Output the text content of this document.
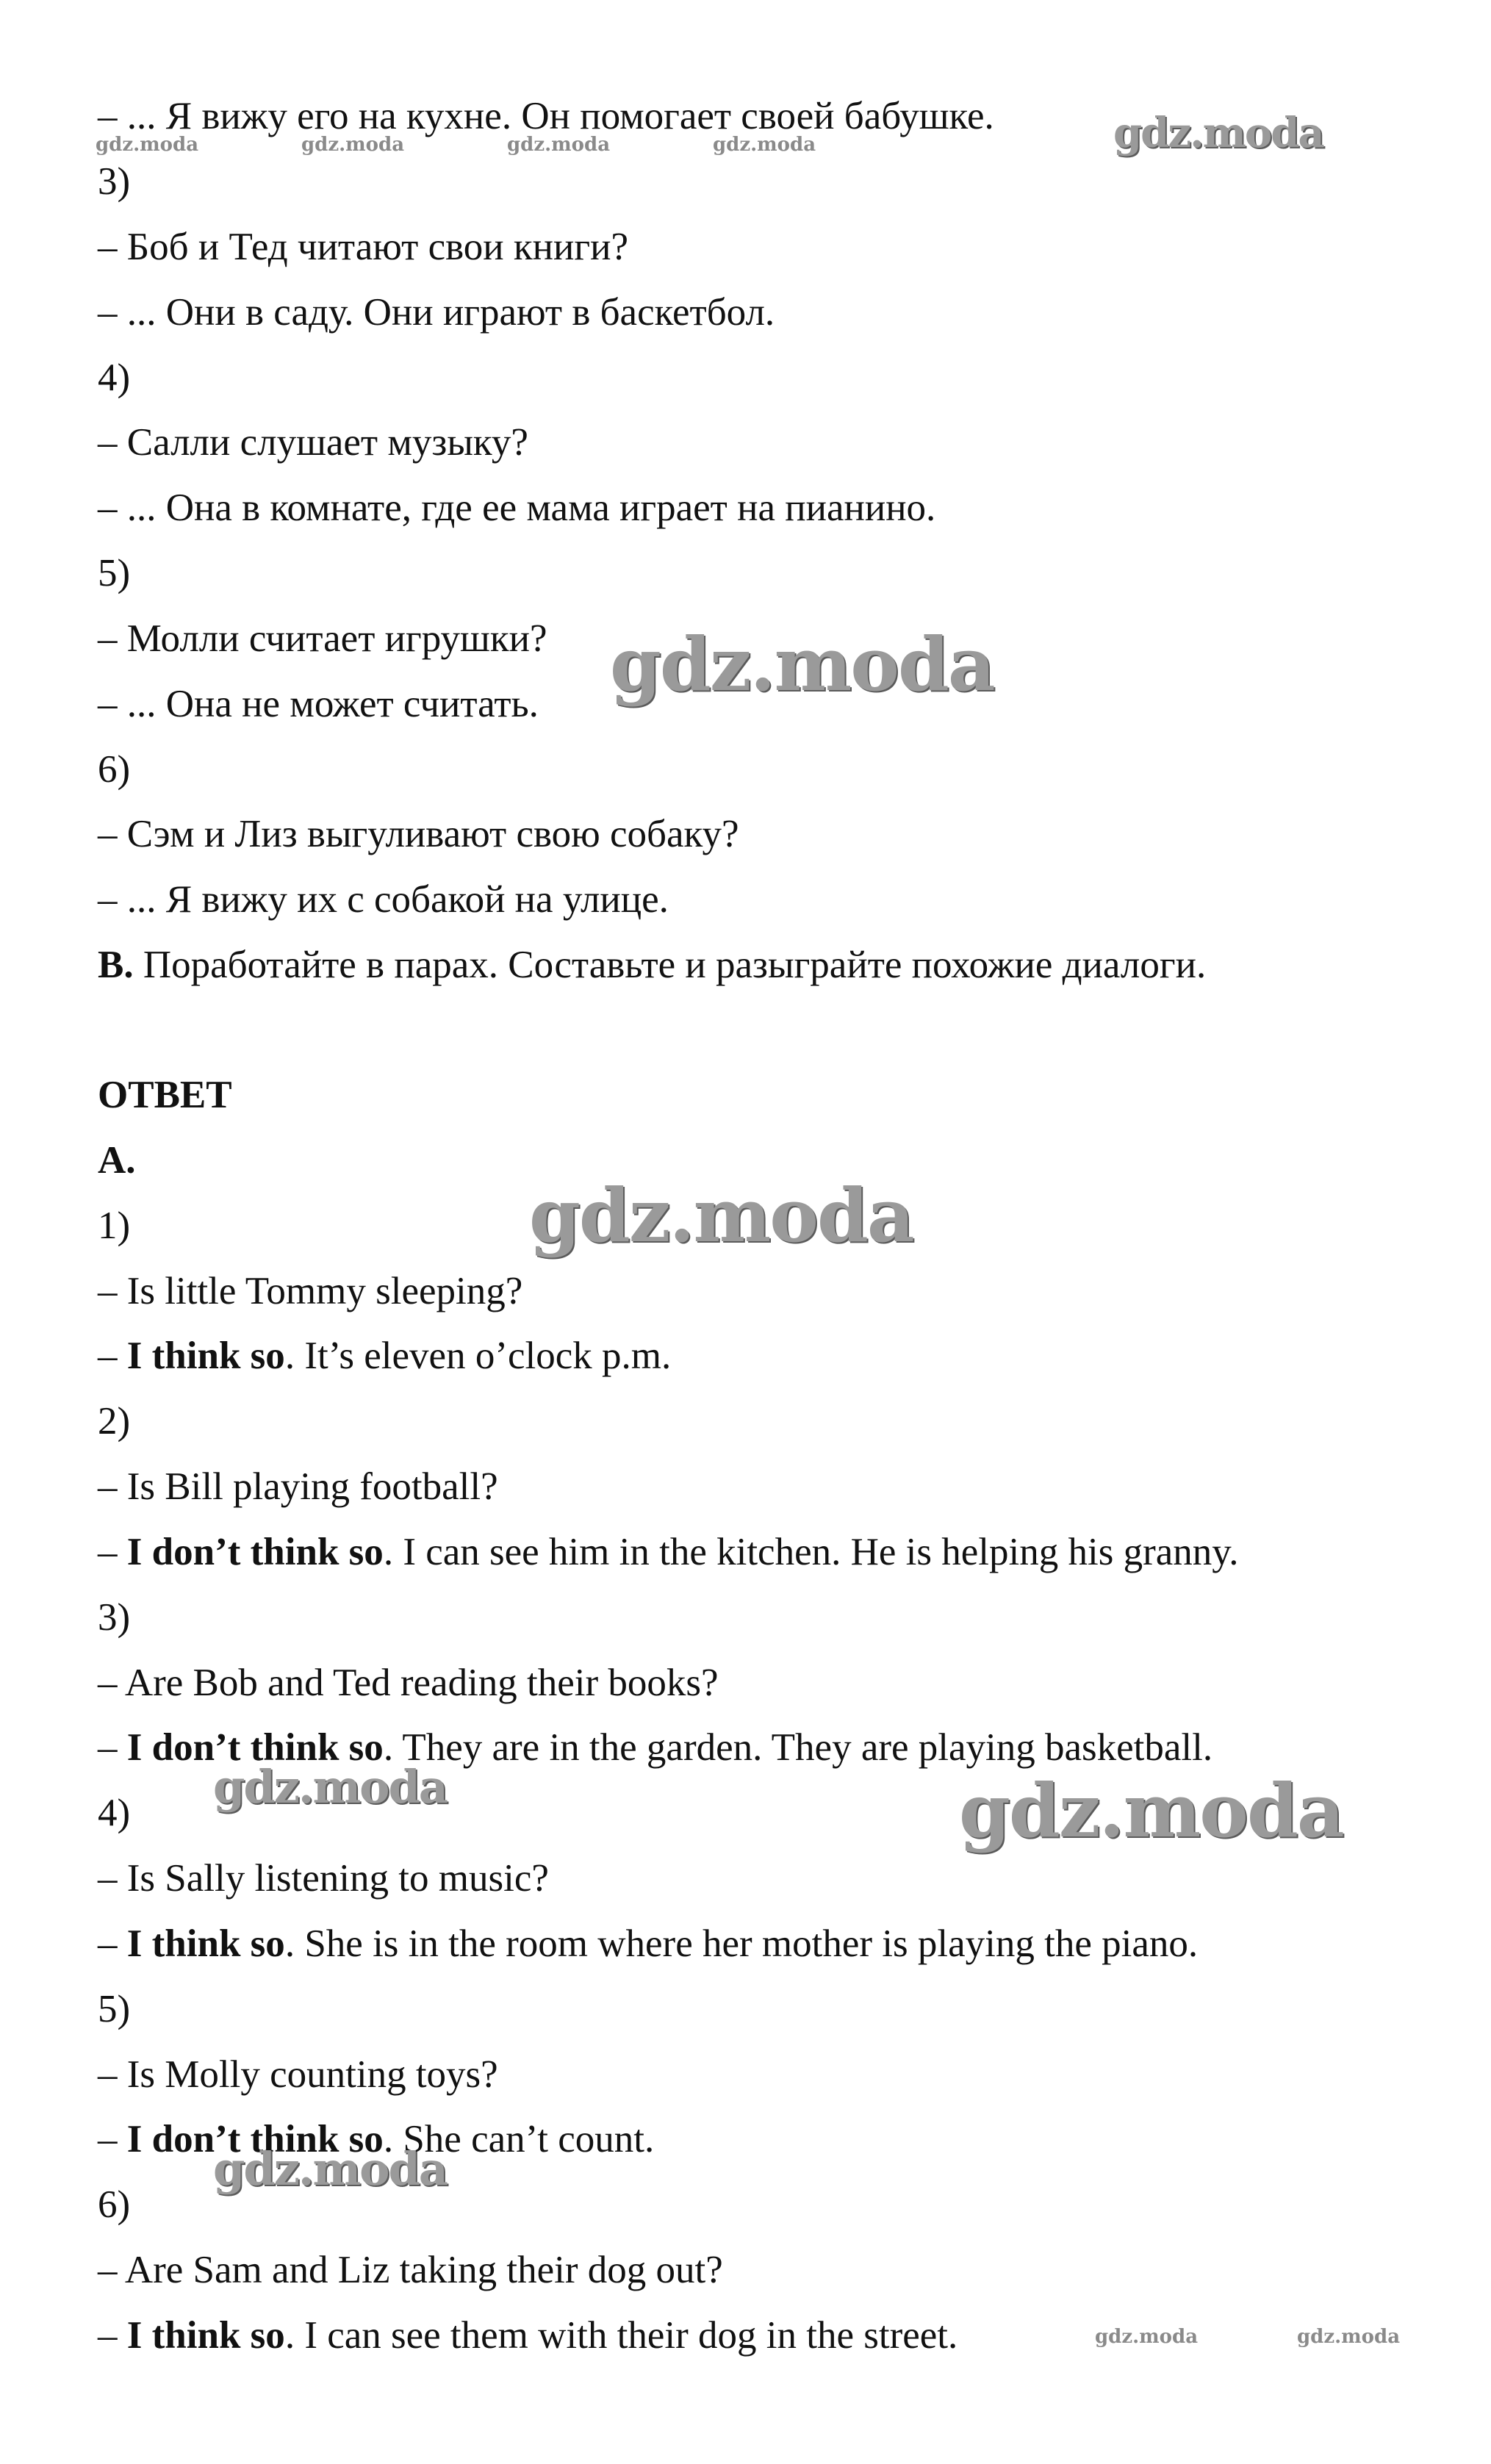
– ... Я вижу его на кухне. Он помогает своей бабушке.
3)
– Боб и Тед читают свои книги?
– ... Они в саду. Они играют в баскетбол.
4)
– Салли слушает музыку?
– ... Она в комнате, где ее мама играет на пианино.
5)
– Молли считает игрушки?
– ... Она не может считать.
6)
– Сэм и Лиз выгуливают свою собаку?
– ... Я вижу их с собакой на улице.
B. Поработайте в парах. Составьте и разыграйте похожие диалоги.
ОТВЕТ
A.
1)
– Is little Tommy sleeping?
– I think so. It’s eleven o’clock p.m.
2)
– Is Bill playing football?
– I don’t think so. I can see him in the kitchen. He is helping his granny.
3)
– Are Bob and Ted reading their books?
– I don’t think so. They are in the garden. They are playing basketball.
4)
– Is Sally listening to music?
– I think so. She is in the room where her mother is playing the piano.
5)
– Is Molly counting toys?
– I don’t think so. She can’t count.
6)
– Are Sam and Liz taking their dog out?
– I think so. I can see them with their dog in the street.
gdz.moda	gdz.moda	gdz.moda	gdz.moda	gdz.moda
gdz.moda
gdz.moda
gdz.moda	gdz.moda
gdz.moda
gdz.moda	gdz.moda
